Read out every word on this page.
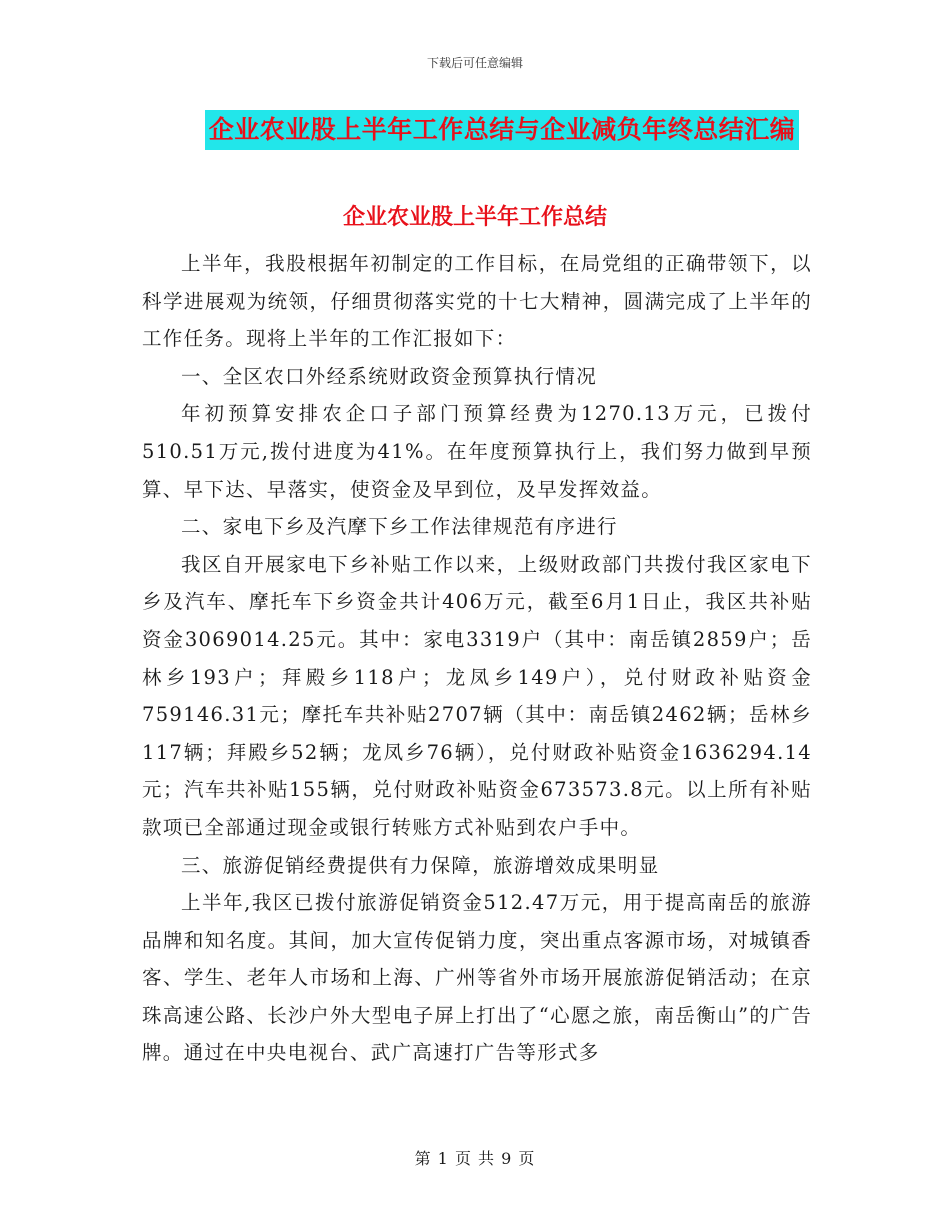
下载后可任意编辑
企业农业股上半年工作总结与企业减负年终总结汇编
企业农业股上半年工作总结

上半年，我股根据年初制定的工作目标，在局党组的正确带领下，以科学进展观为统领，仔细贯彻落实党的十七大精神，圆满完成了上半年的工作任务。现将上半年的工作汇报如下：

一、全区农口外经系统财政资金预算执行情况

年初预算安排农企口子部门预算经费为1270.13万元，已拨付510.51万元,拨付进度为41%。在年度预算执行上，我们努力做到早预算、早下达、早落实，使资金及早到位，及早发挥效益。

二、家电下乡及汽摩下乡工作法律规范有序进行

我区自开展家电下乡补贴工作以来，上级财政部门共拨付我区家电下乡及汽车、摩托车下乡资金共计406万元，截至6月1日止，我区共补贴资金3069014.25元。其中：家电3319户（其中：南岳镇2859户；岳林乡193户；拜殿乡118户；龙凤乡149户），兑付财政补贴资金759146.31元；摩托车共补贴2707辆（其中：南岳镇2462辆；岳林乡117辆；拜殿乡52辆；龙凤乡76辆），兑付财政补贴资金1636294.14元；汽车共补贴155辆，兑付财政补贴资金673573.8元。以上所有补贴款项已全部通过现金或银行转账方式补贴到农户手中。

三、旅游促销经费提供有力保障，旅游增效成果明显

上半年,我区已拨付旅游促销资金512.47万元，用于提高南岳的旅游品牌和知名度。其间，加大宣传促销力度，突出重点客源市场，对城镇香客、学生、老年人市场和上海、广州等省外市场开展旅游促销活动；在京珠高速公路、长沙户外大型电子屏上打出了“心愿之旅，南岳衡山”的广告牌。通过在中央电视台、武广高速打广告等形式多

第 1 页 共 9 页
